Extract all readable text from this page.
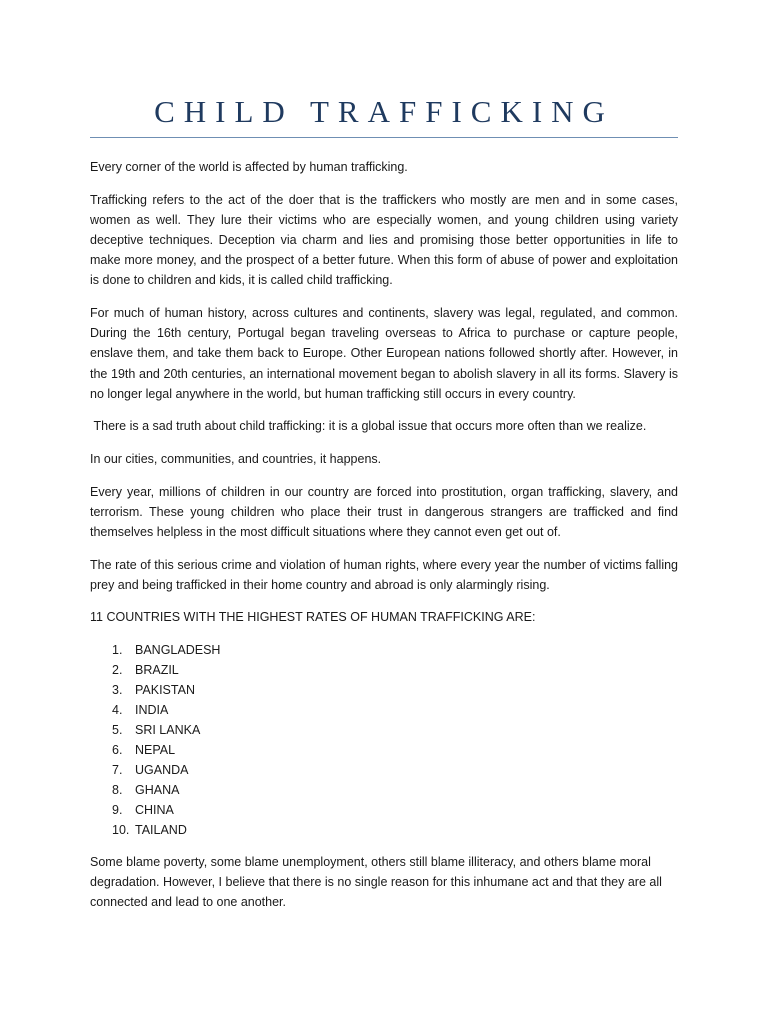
CHILD TRAFFICKING

Every corner of the world is affected by human trafficking.

Trafficking refers to the act of the doer that is the traffickers who mostly are men and in some cases, women as well. They lure their victims who are especially women, and young children using variety deceptive techniques. Deception via charm and lies and promising those better opportunities in life to make more money, and the prospect of a better future. When this form of abuse of power and exploitation is done to children and kids, it is called child trafficking.

For much of human history, across cultures and continents, slavery was legal, regulated, and common. During the 16th century, Portugal began traveling overseas to Africa to purchase or capture people, enslave them, and take them back to Europe. Other European nations followed shortly after. However, in the 19th and 20th centuries, an international movement began to abolish slavery in all its forms. Slavery is no longer legal anywhere in the world, but human trafficking still occurs in every country.

There is a sad truth about child trafficking: it is a global issue that occurs more often than we realize.

In our cities, communities, and countries, it happens.

Every year, millions of children in our country are forced into prostitution, organ trafficking, slavery, and terrorism. These young children who place their trust in dangerous strangers are trafficked and find themselves helpless in the most difficult situations where they cannot even get out of.

The rate of this serious crime and violation of human rights, where every year the number of victims falling prey and being trafficked in their home country and abroad is only alarmingly rising.

11 COUNTRIES WITH THE HIGHEST RATES OF HUMAN TRAFFICKING ARE:

1.	BANGLADESH
2.	BRAZIL
3.	PAKISTAN
4.	INDIA
5.	SRI LANKA
6.	NEPAL
7.	UGANDA
8.	GHANA
9.	CHINA
10. TAILAND

Some blame poverty, some blame unemployment, others still blame illiteracy, and others blame moral degradation. However, I believe that there is no single reason for this inhumane act and that they are all connected and lead to one another.
